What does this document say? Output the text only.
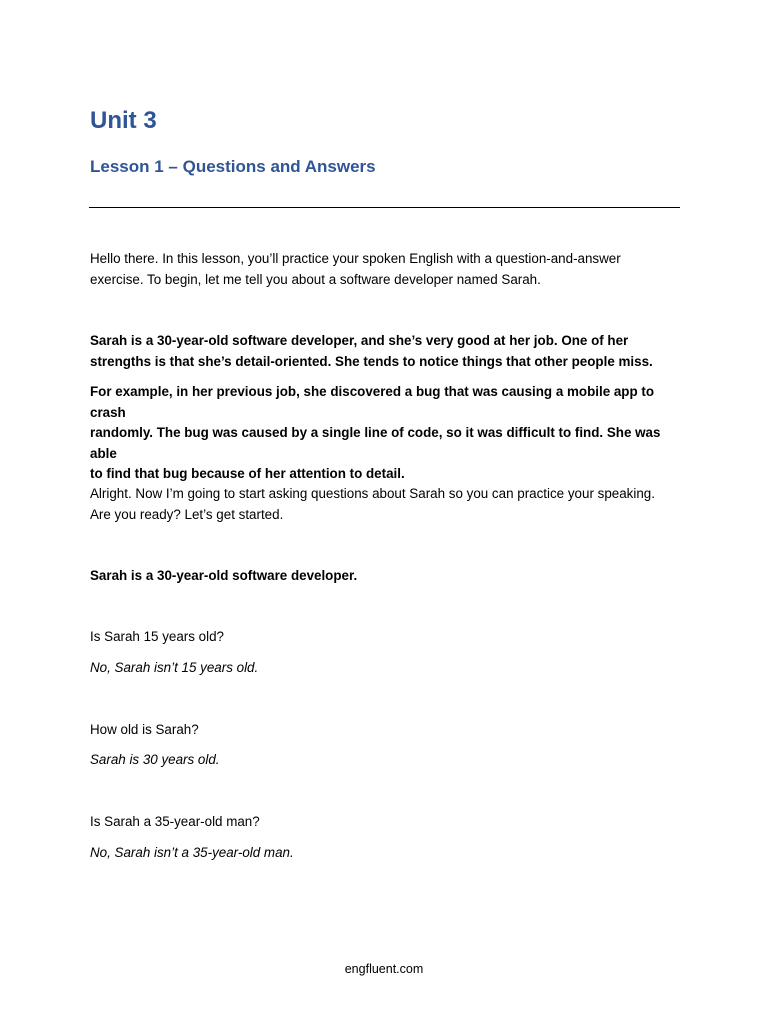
Unit 3
Lesson 1 – Questions and Answers

Hello there. In this lesson, you’ll practice your spoken English with a question-and-answer
exercise. To begin, let me tell you about a software developer named Sarah.

Sarah is a 30-year-old software developer, and she’s very good at her job. One of her
strengths is that she’s detail-oriented. She tends to notice things that other people miss.

For example, in her previous job, she discovered a bug that was causing a mobile app to crash
randomly. The bug was caused by a single line of code, so it was difficult to find. She was able
to find that bug because of her attention to detail.

Alright. Now I’m going to start asking questions about Sarah so you can practice your speaking.
Are you ready? Let’s get started.

Sarah is a 30-year-old software developer.

Is Sarah 15 years old?

No, Sarah isn’t 15 years old.

How old is Sarah?

Sarah is 30 years old.

Is Sarah a 35-year-old man?

No, Sarah isn’t a 35-year-old man.

engfluent.com
